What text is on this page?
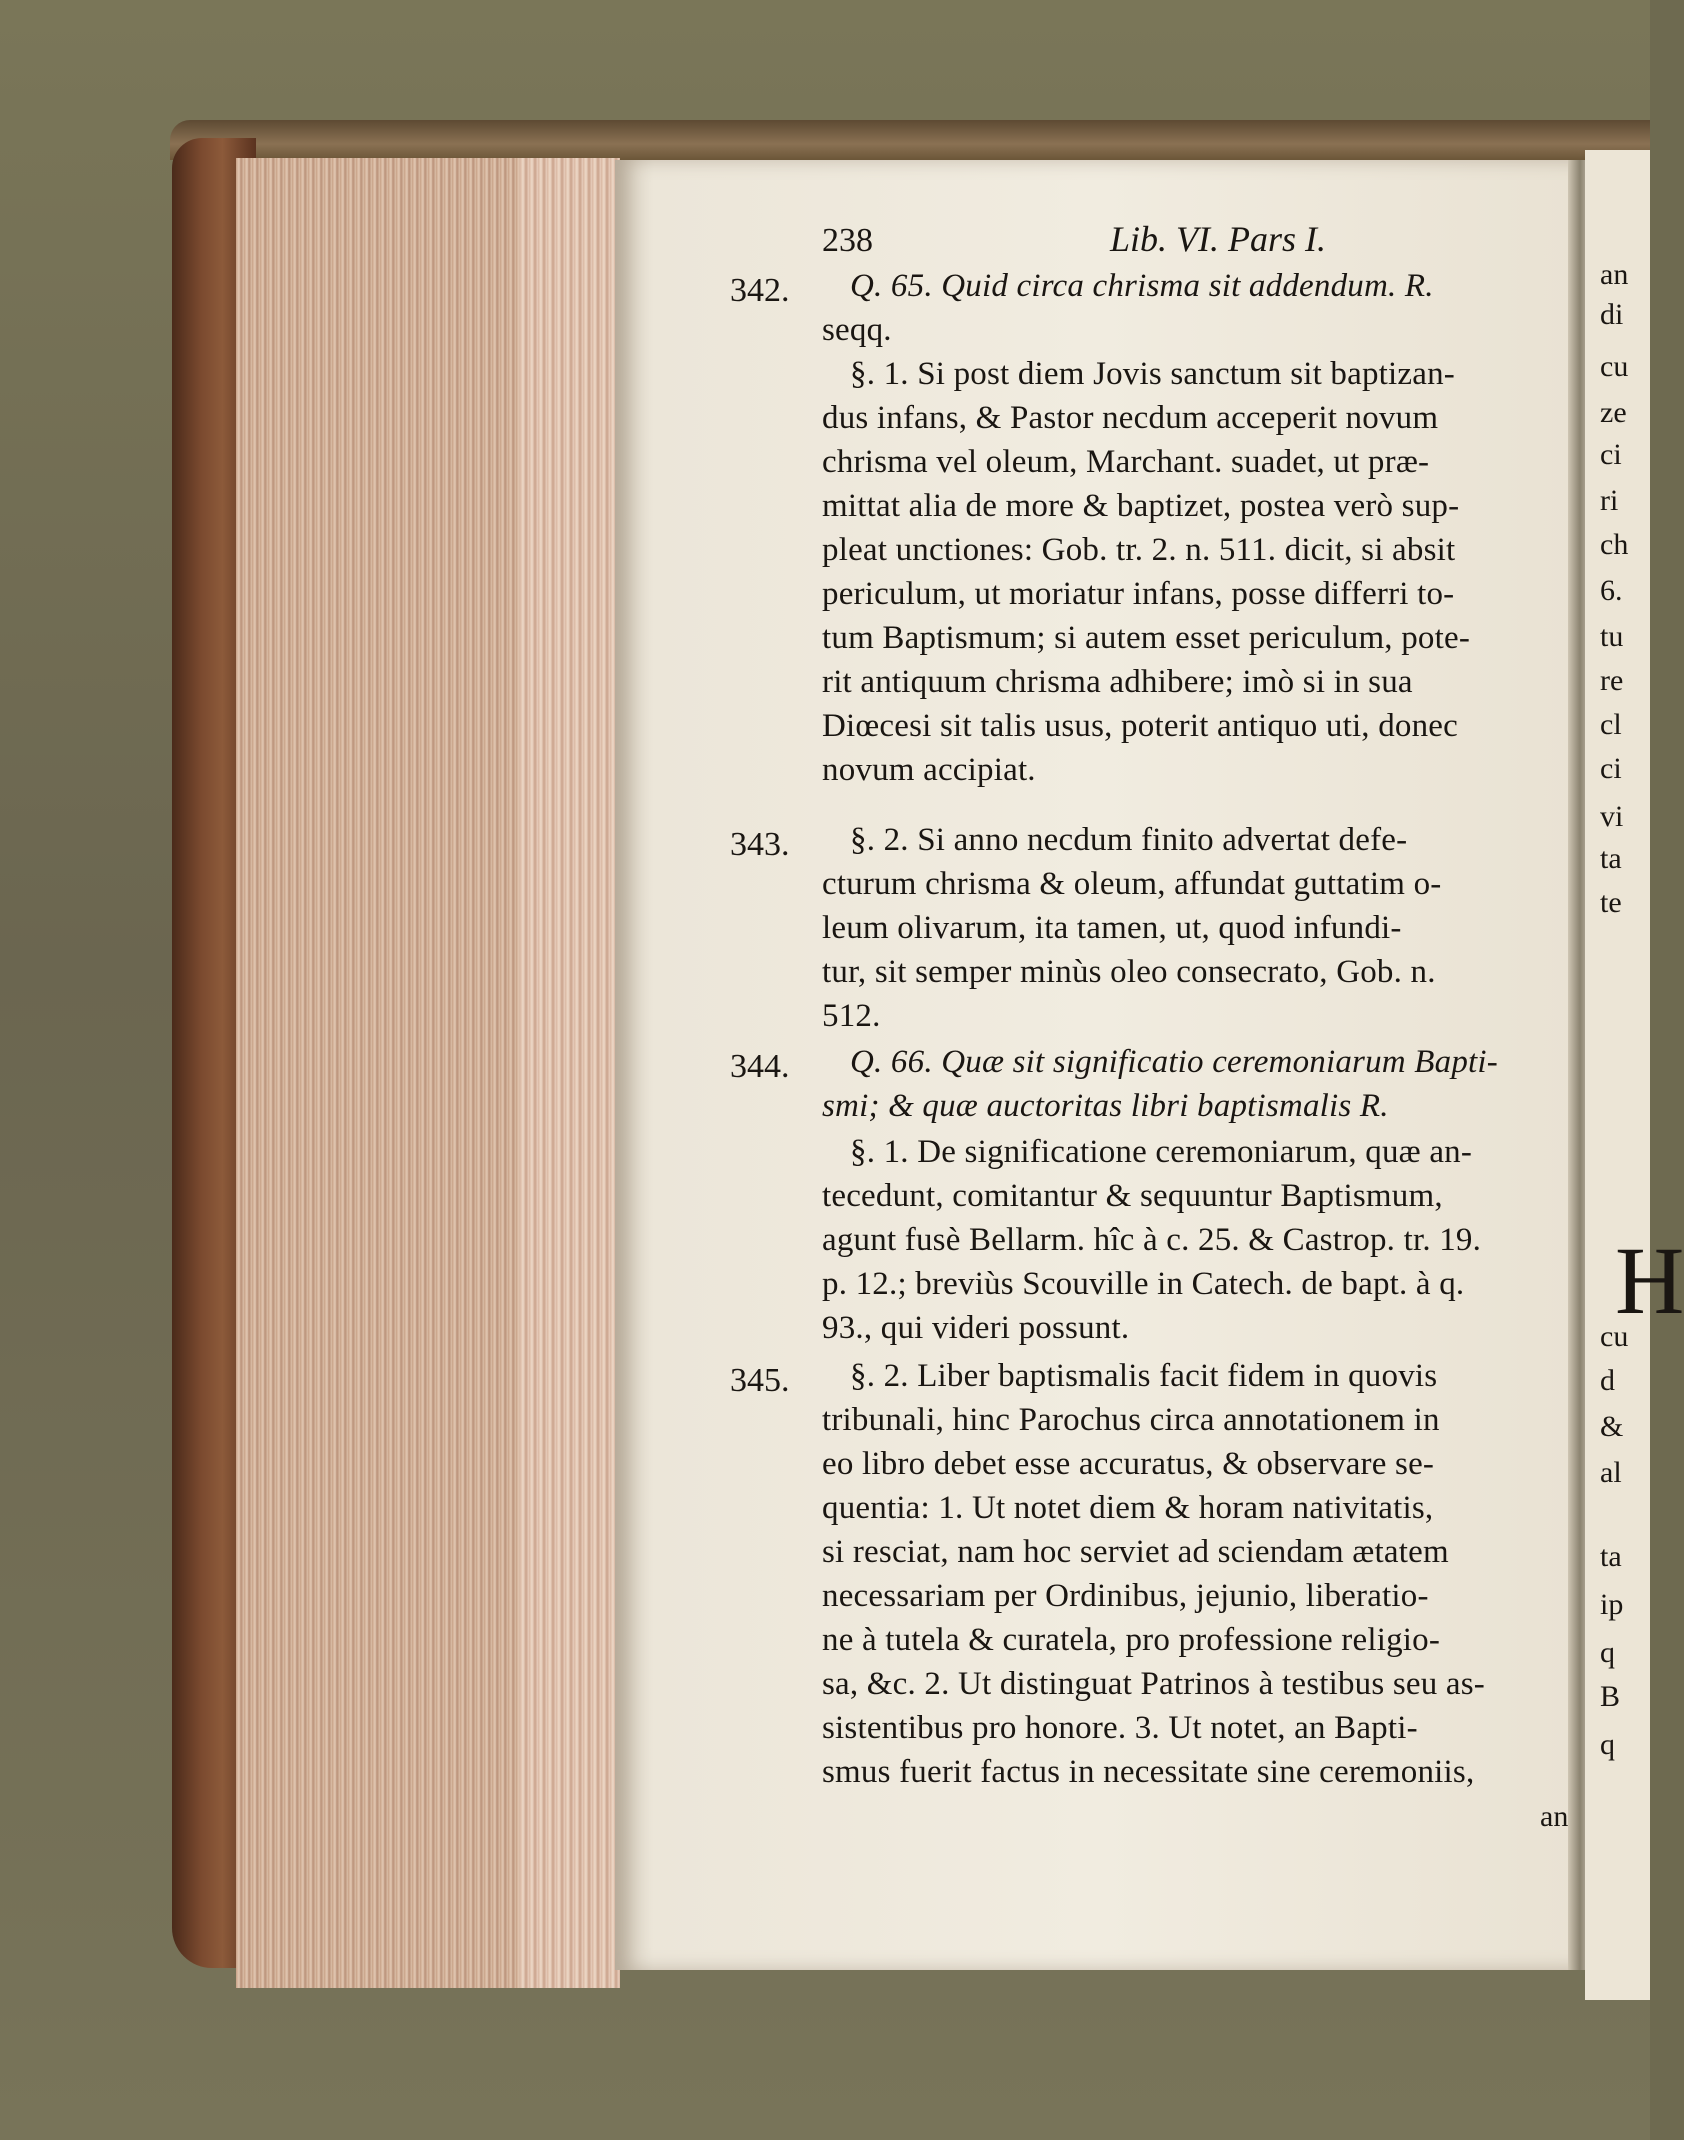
238	Lib. VI. Pars I.
342.
343.
344.
345.
Q. 65. Quid circa chrisma sit addendum. R.
seqq.
§. 1. Si post diem Jovis sanctum sit baptizan-
dus infans, & Pastor necdum acceperit novum
chrisma vel oleum, Marchant. suadet, ut præ-
mittat alia de more & baptizet, postea verò sup-
pleat unctiones: Gob. tr. 2. n. 511. dicit, si absit
periculum, ut moriatur infans, posse differri to-
tum Baptismum; si autem esset periculum, pote-
rit antiquum chrisma adhibere; imò si in sua
Diœcesi sit talis usus, poterit antiquo uti, donec
novum accipiat.
§. 2. Si anno necdum finito advertat defe-
cturum chrisma & oleum, affundat guttatim o-
leum olivarum, ita tamen, ut, quod infundi-
tur, sit semper minùs oleo consecrato, Gob. n.
512.
Q. 66. Quæ sit significatio ceremoniarum Bapti-
smi; & quæ auctoritas libri baptismalis R.
§. 1. De significatione ceremoniarum, quæ an-
tecedunt, comitantur & sequuntur Baptismum,
agunt fusè Bellarm. hîc à c. 25. & Castrop. tr. 19.
p. 12.; breviùs Scouville in Catech. de bapt. à q.
93., qui videri possunt.
§. 2. Liber baptismalis facit fidem in quovis
tribunali, hinc Parochus circa annotationem in
eo libro debet esse accuratus, & observare se-
quentia: 1. Ut notet diem & horam nativitatis,
si resciat, nam hoc serviet ad sciendam ætatem
necessariam per Ordinibus, jejunio, liberatio-
ne à tutela & curatela, pro professione religio-
sa, &c. 2. Ut distinguat Patrinos à testibus seu as-
sistentibus pro honore. 3. Ut notet, an Bapti-
smus fuerit factus in necessitate sine ceremoniis,
an
an
di
cu
ze
ci
ri
ch
6.
tu
re
cl
ci
vi
ta
te
H
cu
d
&
al
ta
ip
q
B
q
